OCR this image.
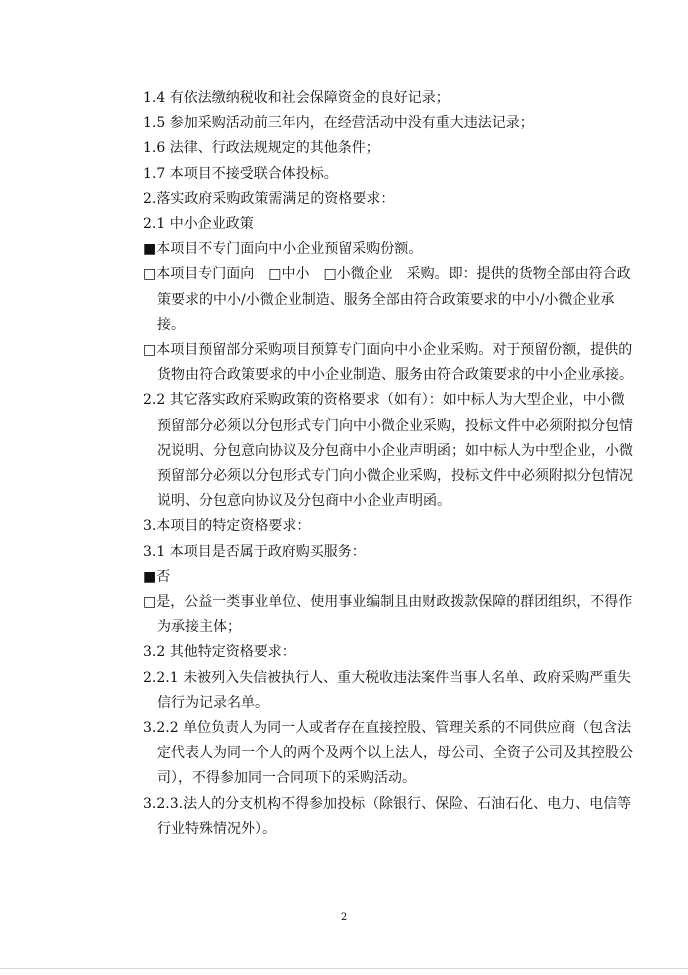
1.4 有依法缴纳税收和社会保障资金的良好记录；

1.5 参加采购活动前三年内，在经营活动中没有重大违法记录；

1.6 法律、行政法规规定的其他条件；

1.7 本项目不接受联合体投标。

2.落实政府采购政策需满足的资格要求：

2.1 中小企业政策

■本项目不专门面向中小企业预留采购份额。

□本项目专门面向　□中小　□小微企业　采购。即：提供的货物全部由符合政策要求的中小/小微企业制造、服务全部由符合政策要求的中小/小微企业承接。

□本项目预留部分采购项目预算专门面向中小企业采购。对于预留份额，提供的货物由符合政策要求的中小企业制造、服务由符合政策要求的中小企业承接。

2.2 其它落实政府采购政策的资格要求（如有）：如中标人为大型企业，中小微预留部分必须以分包形式专门向中小微企业采购，投标文件中必须附拟分包情况说明、分包意向协议及分包商中小企业声明函；如中标人为中型企业，小微预留部分必须以分包形式专门向小微企业采购，投标文件中必须附拟分包情况说明、分包意向协议及分包商中小企业声明函。

3.本项目的特定资格要求：

3.1 本项目是否属于政府购买服务：

■否

□是，公益一类事业单位、使用事业编制且由财政拨款保障的群团组织，不得作为承接主体；

3.2 其他特定资格要求：

2.2.1 未被列入失信被执行人、重大税收违法案件当事人名单、政府采购严重失信行为记录名单。

3.2.2 单位负责人为同一人或者存在直接控股、管理关系的不同供应商（包含法定代表人为同一个人的两个及两个以上法人，母公司、全资子公司及其控股公司），不得参加同一合同项下的采购活动。

3.2.3.法人的分支机构不得参加投标（除银行、保险、石油石化、电力、电信等行业特殊情况外）。

2
